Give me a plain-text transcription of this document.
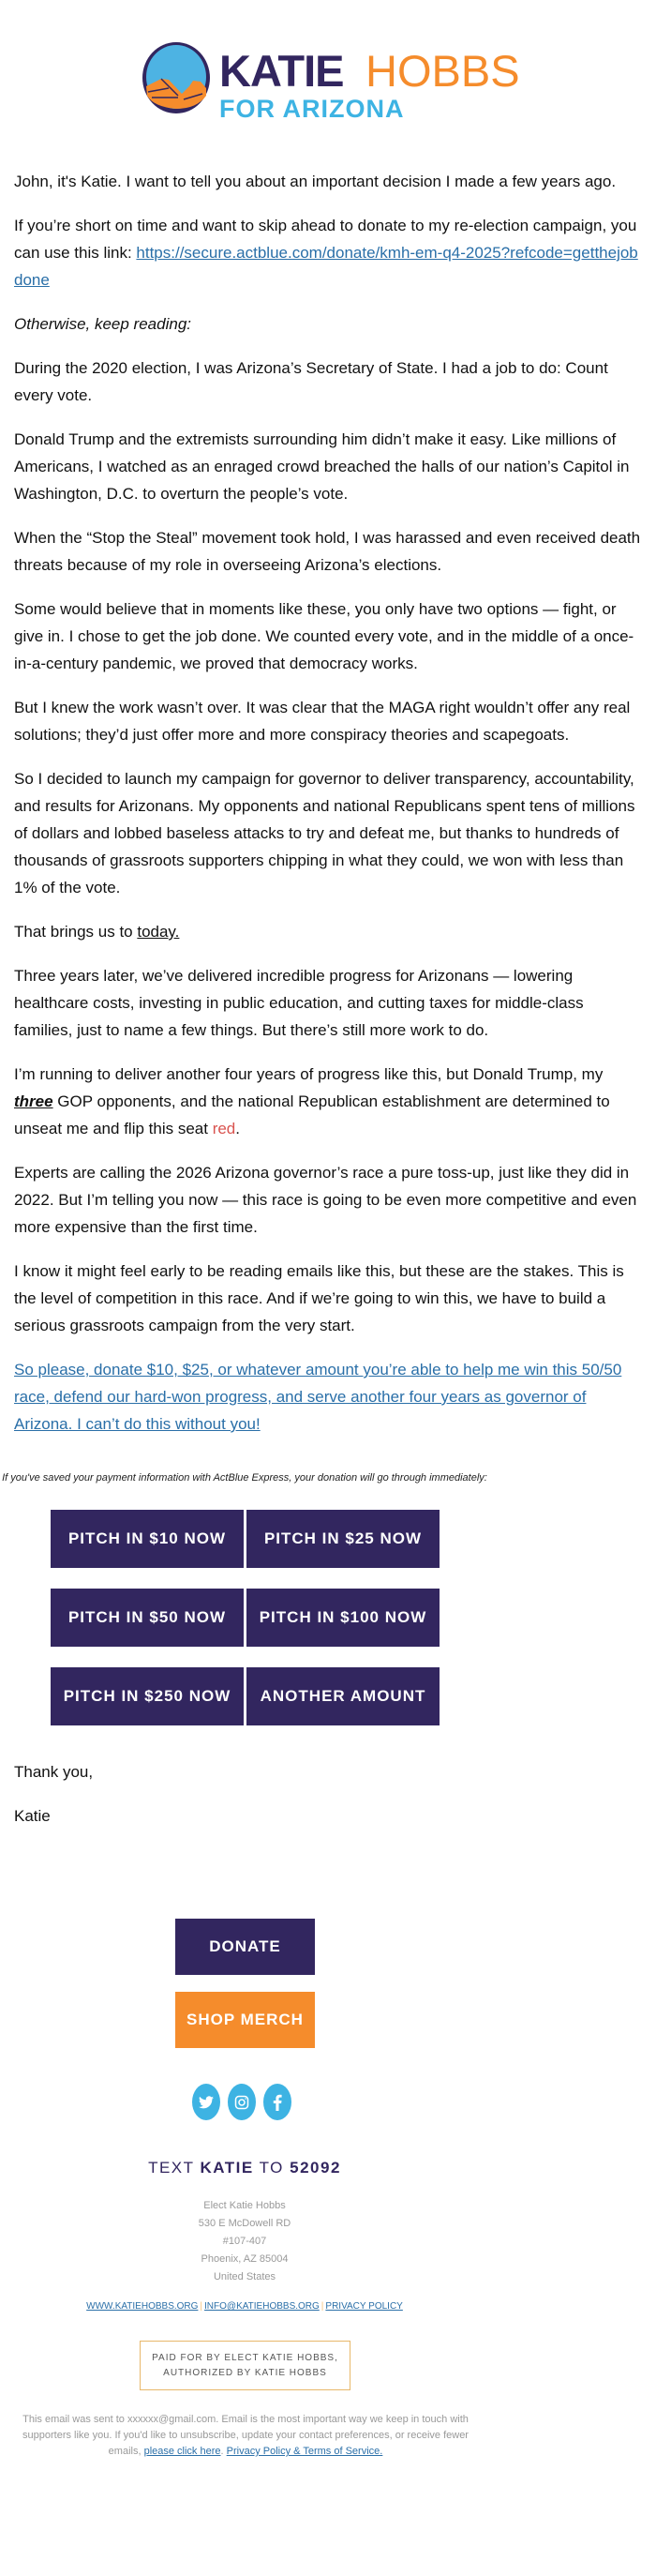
KATIE HOBBS
FOR ARIZONA

John, it's Katie. I want to tell you about an important decision I made a few years ago.

If you’re short on time and want to skip ahead to donate to my re-election campaign, you can use this link: https://secure.actblue.com/donate/kmh-em-q4-2025?refcode=getthejobdone

Otherwise, keep reading:

During the 2020 election, I was Arizona’s Secretary of State. I had a job to do: Count every vote.

Donald Trump and the extremists surrounding him didn’t make it easy. Like millions of Americans, I watched as an enraged crowd breached the halls of our nation’s Capitol in Washington, D.C. to overturn the people’s vote.

When the “Stop the Steal” movement took hold, I was harassed and even received death threats because of my role in overseeing Arizona’s elections.

Some would believe that in moments like these, you only have two options — fight, or give in. I chose to get the job done. We counted every vote, and in the middle of a once-in-a-century pandemic, we proved that democracy works.

But I knew the work wasn’t over. It was clear that the MAGA right wouldn’t offer any real solutions; they’d just offer more and more conspiracy theories and scapegoats.

So I decided to launch my campaign for governor to deliver transparency, accountability, and results for Arizonans. My opponents and national Republicans spent tens of millions of dollars and lobbed baseless attacks to try and defeat me, but thanks to hundreds of thousands of grassroots supporters chipping in what they could, we won with less than 1% of the vote.

That brings us to today.

Three years later, we’ve delivered incredible progress for Arizonans — lowering healthcare costs, investing in public education, and cutting taxes for middle-class families, just to name a few things. But there’s still more work to do.

I’m running to deliver another four years of progress like this, but Donald Trump, my three GOP opponents, and the national Republican establishment are determined to unseat me and flip this seat red.

Experts are calling the 2026 Arizona governor’s race a pure toss-up, just like they did in 2022. But I’m telling you now — this race is going to be even more competitive and even more expensive than the first time.

I know it might feel early to be reading emails like this, but these are the stakes. This is the level of competition in this race. And if we’re going to win this, we have to build a serious grassroots campaign from the very start.

So please, donate $10, $25, or whatever amount you’re able to help me win this 50/50 race, defend our hard-won progress, and serve another four years as governor of Arizona. I can’t do this without you!

If you've saved your payment information with ActBlue Express, your donation will go through immediately:
PITCH IN $10 NOW	PITCH IN $25 NOW
PITCH IN $50 NOW	PITCH IN $100 NOW
PITCH IN $250 NOW	ANOTHER AMOUNT
Thank you,
Katie
DONATE
SHOP MERCH
TEXT KATIE TO 52092
Elect Katie Hobbs
530 E McDowell RD
#107-407
Phoenix, AZ 85004
United States
WWW.KATIEHOBBS.ORG | INFO@KATIEHOBBS.ORG | PRIVACY POLICY
PAID FOR BY ELECT KATIE HOBBS,
AUTHORIZED BY KATIE HOBBS
This email was sent to xxxxxx@gmail.com. Email is the most important way we keep in touch with supporters like you. If you'd like to unsubscribe, update your contact preferences, or receive fewer emails, please click here. Privacy Policy & Terms of Service.
